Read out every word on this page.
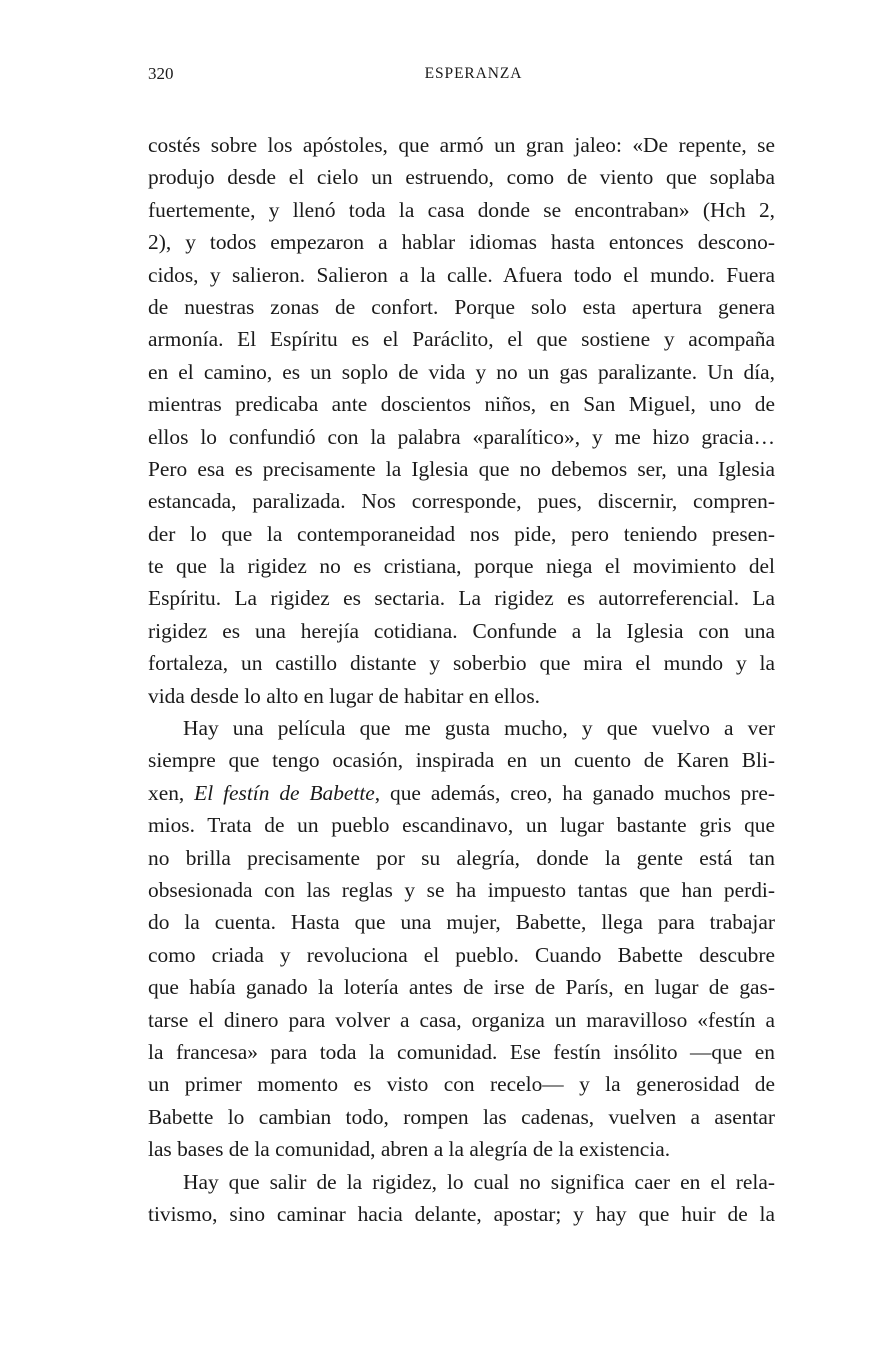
320	ESPERANZA
costés sobre los apóstoles, que armó un gran jaleo: «De repente, se
produjo desde el cielo un estruendo, como de viento que soplaba
fuertemente, y llenó toda la casa donde se encontraban» (Hch 2,
2), y todos empezaron a hablar idiomas hasta entonces descono-
cidos, y salieron. Salieron a la calle. Afuera todo el mundo. Fuera
de nuestras zonas de confort. Porque solo esta apertura genera
armonía. El Espíritu es el Paráclito, el que sostiene y acompaña
en el camino, es un soplo de vida y no un gas paralizante. Un día,
mientras predicaba ante doscientos niños, en San Miguel, uno de
ellos lo confundió con la palabra «paralítico», y me hizo gracia…
Pero esa es precisamente la Iglesia que no debemos ser, una Iglesia
estancada, paralizada. Nos corresponde, pues, discernir, compren-
der lo que la contemporaneidad nos pide, pero teniendo presen-
te que la rigidez no es cristiana, porque niega el movimiento del
Espíritu. La rigidez es sectaria. La rigidez es autorreferencial. La
rigidez es una herejía cotidiana. Confunde a la Iglesia con una
fortaleza, un castillo distante y soberbio que mira el mundo y la
vida desde lo alto en lugar de habitar en ellos.
Hay una película que me gusta mucho, y que vuelvo a ver
siempre que tengo ocasión, inspirada en un cuento de Karen Bli-
xen, El festín de Babette, que además, creo, ha ganado muchos pre-
mios. Trata de un pueblo escandinavo, un lugar bastante gris que
no brilla precisamente por su alegría, donde la gente está tan
obsesionada con las reglas y se ha impuesto tantas que han perdi-
do la cuenta. Hasta que una mujer, Babette, llega para trabajar
como criada y revoluciona el pueblo. Cuando Babette descubre
que había ganado la lotería antes de irse de París, en lugar de gas-
tarse el dinero para volver a casa, organiza un maravilloso «festín a
la francesa» para toda la comunidad. Ese festín insólito —que en
un primer momento es visto con recelo— y la generosidad de
Babette lo cambian todo, rompen las cadenas, vuelven a asentar
las bases de la comunidad, abren a la alegría de la existencia.
Hay que salir de la rigidez, lo cual no significa caer en el rela-
tivismo, sino caminar hacia delante, apostar; y hay que huir de la
